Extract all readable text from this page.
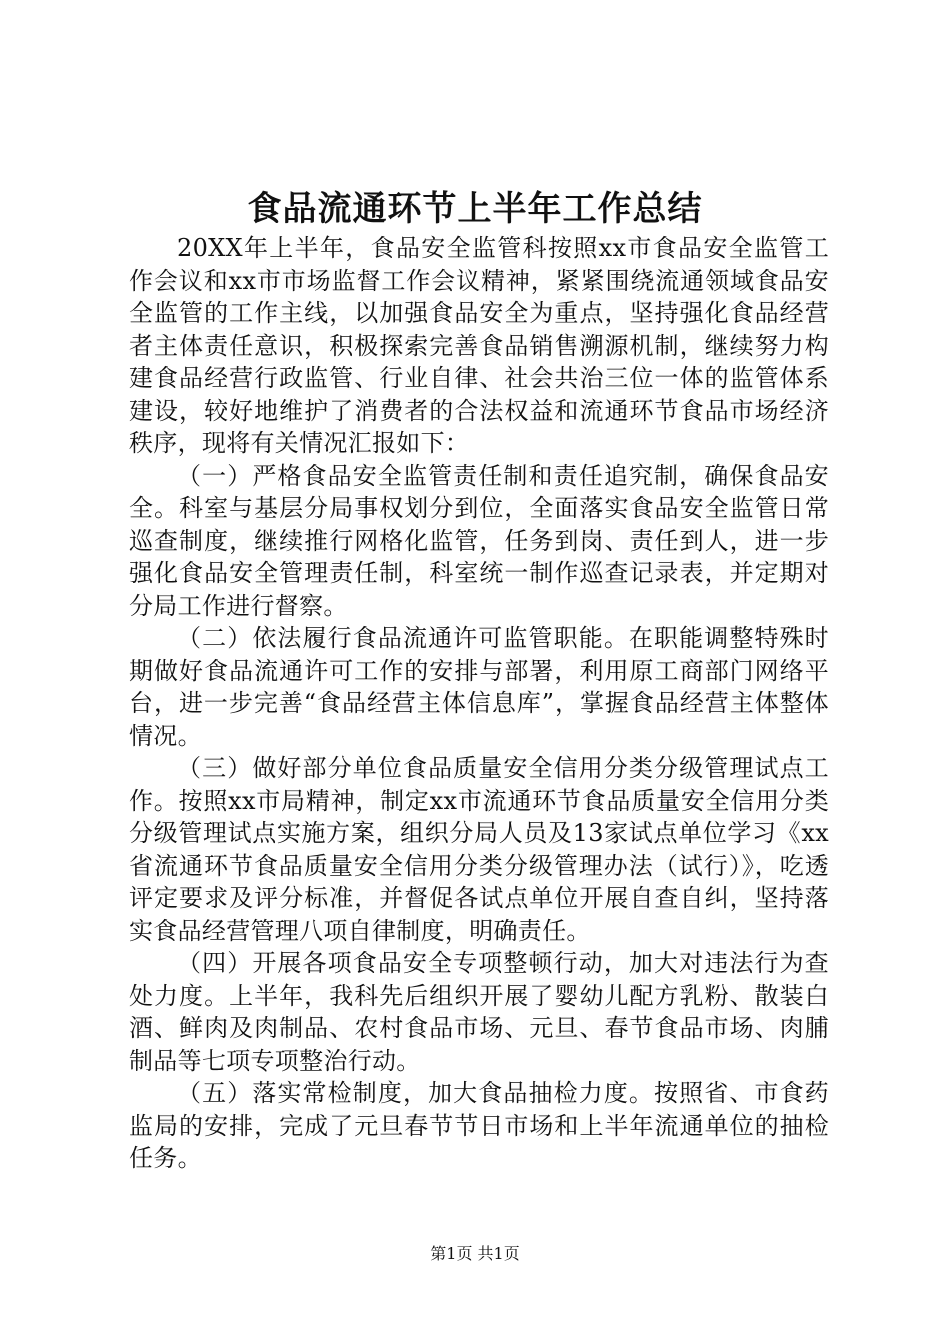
食品流通环节上半年工作总结

20XX年上半年，食品安全监管科按照xx市食品安全监管工作会议和xx市市场监督工作会议精神，紧紧围绕流通领域食品安全监管的工作主线，以加强食品安全为重点，坚持强化食品经营者主体责任意识，积极探索完善食品销售溯源机制，继续努力构建食品经营行政监管、行业自律、社会共治三位一体的监管体系建设，较好地维护了消费者的合法权益和流通环节食品市场经济秩序，现将有关情况汇报如下：

（一）严格食品安全监管责任制和责任追究制，确保食品安全。科室与基层分局事权划分到位，全面落实食品安全监管日常巡查制度，继续推行网格化监管，任务到岗、责任到人，进一步强化食品安全管理责任制，科室统一制作巡查记录表，并定期对分局工作进行督察。

（二）依法履行食品流通许可监管职能。在职能调整特殊时期做好食品流通许可工作的安排与部署，利用原工商部门网络平台，进一步完善“食品经营主体信息库”，掌握食品经营主体整体情况。

（三）做好部分单位食品质量安全信用分类分级管理试点工作。按照xx市局精神，制定xx市流通环节食品质量安全信用分类分级管理试点实施方案，组织分局人员及13家试点单位学习《xx省流通环节食品质量安全信用分类分级管理办法（试行）》，吃透评定要求及评分标准，并督促各试点单位开展自查自纠，坚持落实食品经营管理八项自律制度，明确责任。

（四）开展各项食品安全专项整顿行动，加大对违法行为查处力度。上半年，我科先后组织开展了婴幼儿配方乳粉、散装白酒、鲜肉及肉制品、农村食品市场、元旦、春节食品市场、肉脯制品等七项专项整治行动。

（五）落实常检制度，加大食品抽检力度。按照省、市食药监局的安排，完成了元旦春节节日市场和上半年流通单位的抽检任务。

第1页 共1页
